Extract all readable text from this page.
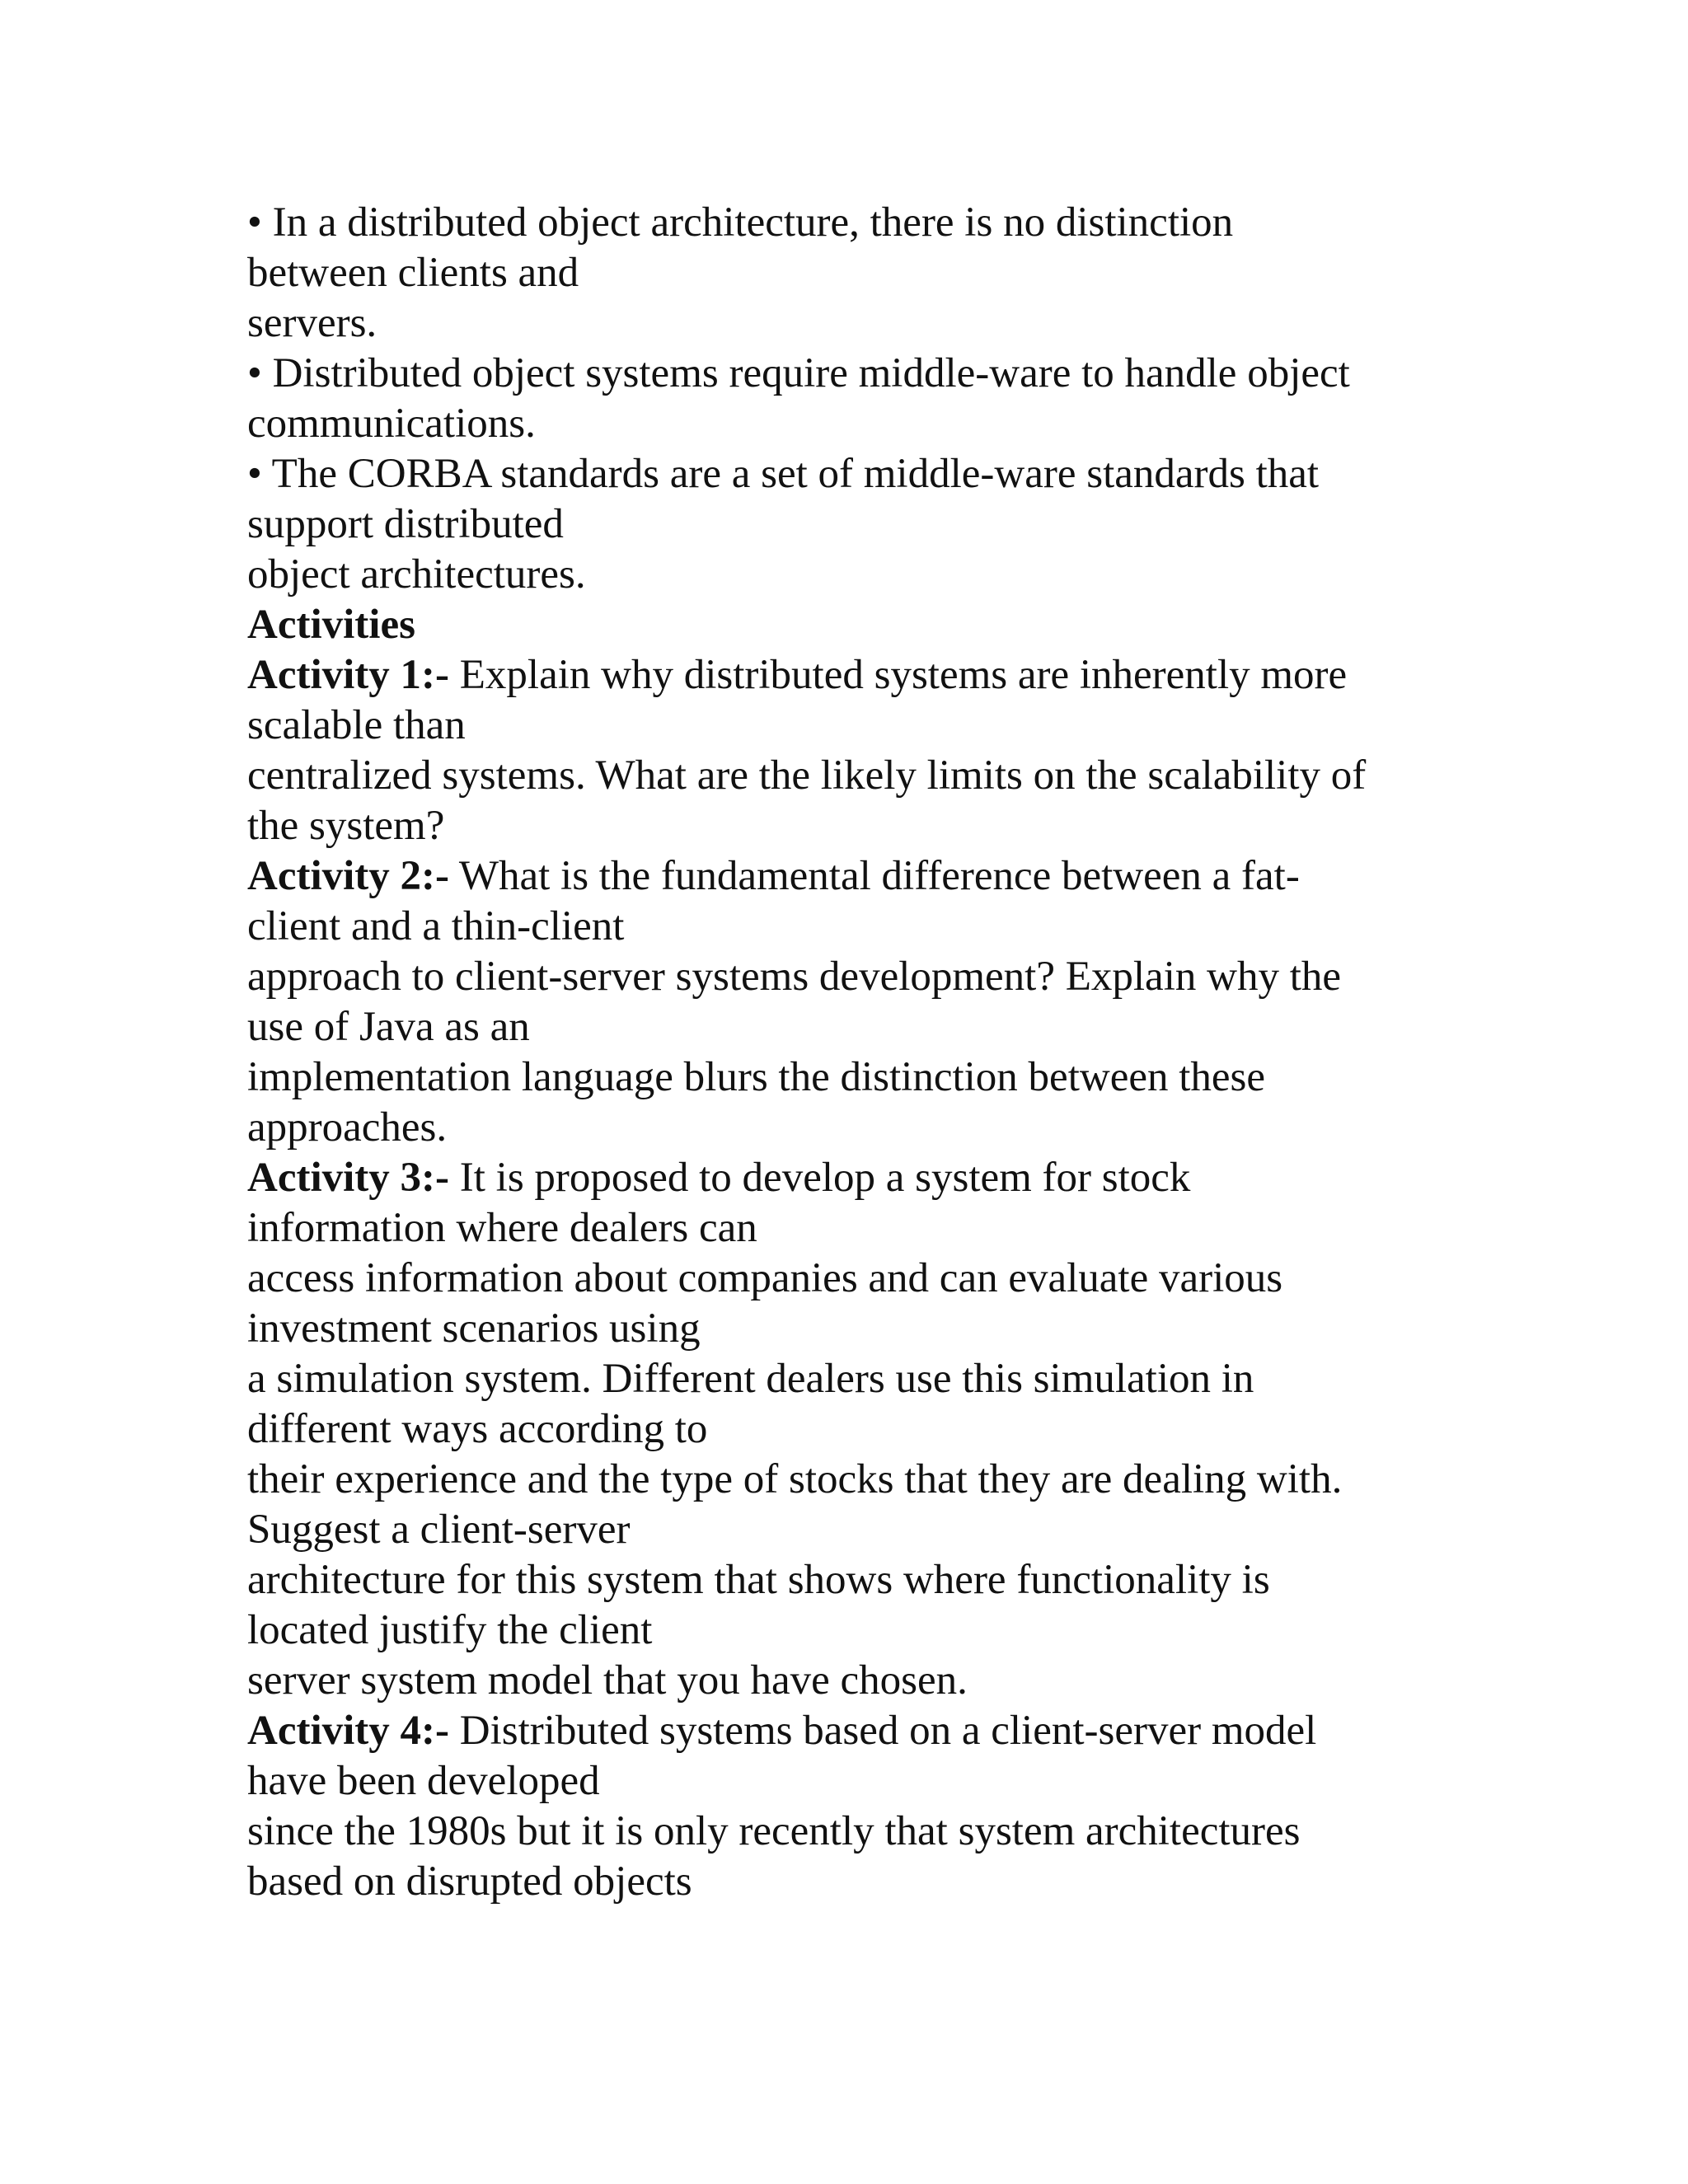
• In a distributed object architecture, there is no distinction
between clients and
servers.
• Distributed object systems require middle-ware to handle object
communications.
• The CORBA standards are a set of middle-ware standards that
support distributed
object architectures.
Activities
Activity 1:- Explain why distributed systems are inherently more
scalable than
centralized systems. What are the likely limits on the scalability of
the system?
Activity 2:- What is the fundamental difference between a fat-
client and a thin-client
approach to client-server systems development? Explain why the
use of Java as an
implementation language blurs the distinction between these
approaches.
Activity 3:- It is proposed to develop a system for stock
information where dealers can
access information about companies and can evaluate various
investment scenarios using
a simulation system. Different dealers use this simulation in
different ways according to
their experience and the type of stocks that they are dealing with.
Suggest a client-server
architecture for this system that shows where functionality is
located justify the client
server system model that you have chosen.
Activity 4:- Distributed systems based on a client-server model
have been developed
since the 1980s but it is only recently that system architectures
based on disrupted objects
